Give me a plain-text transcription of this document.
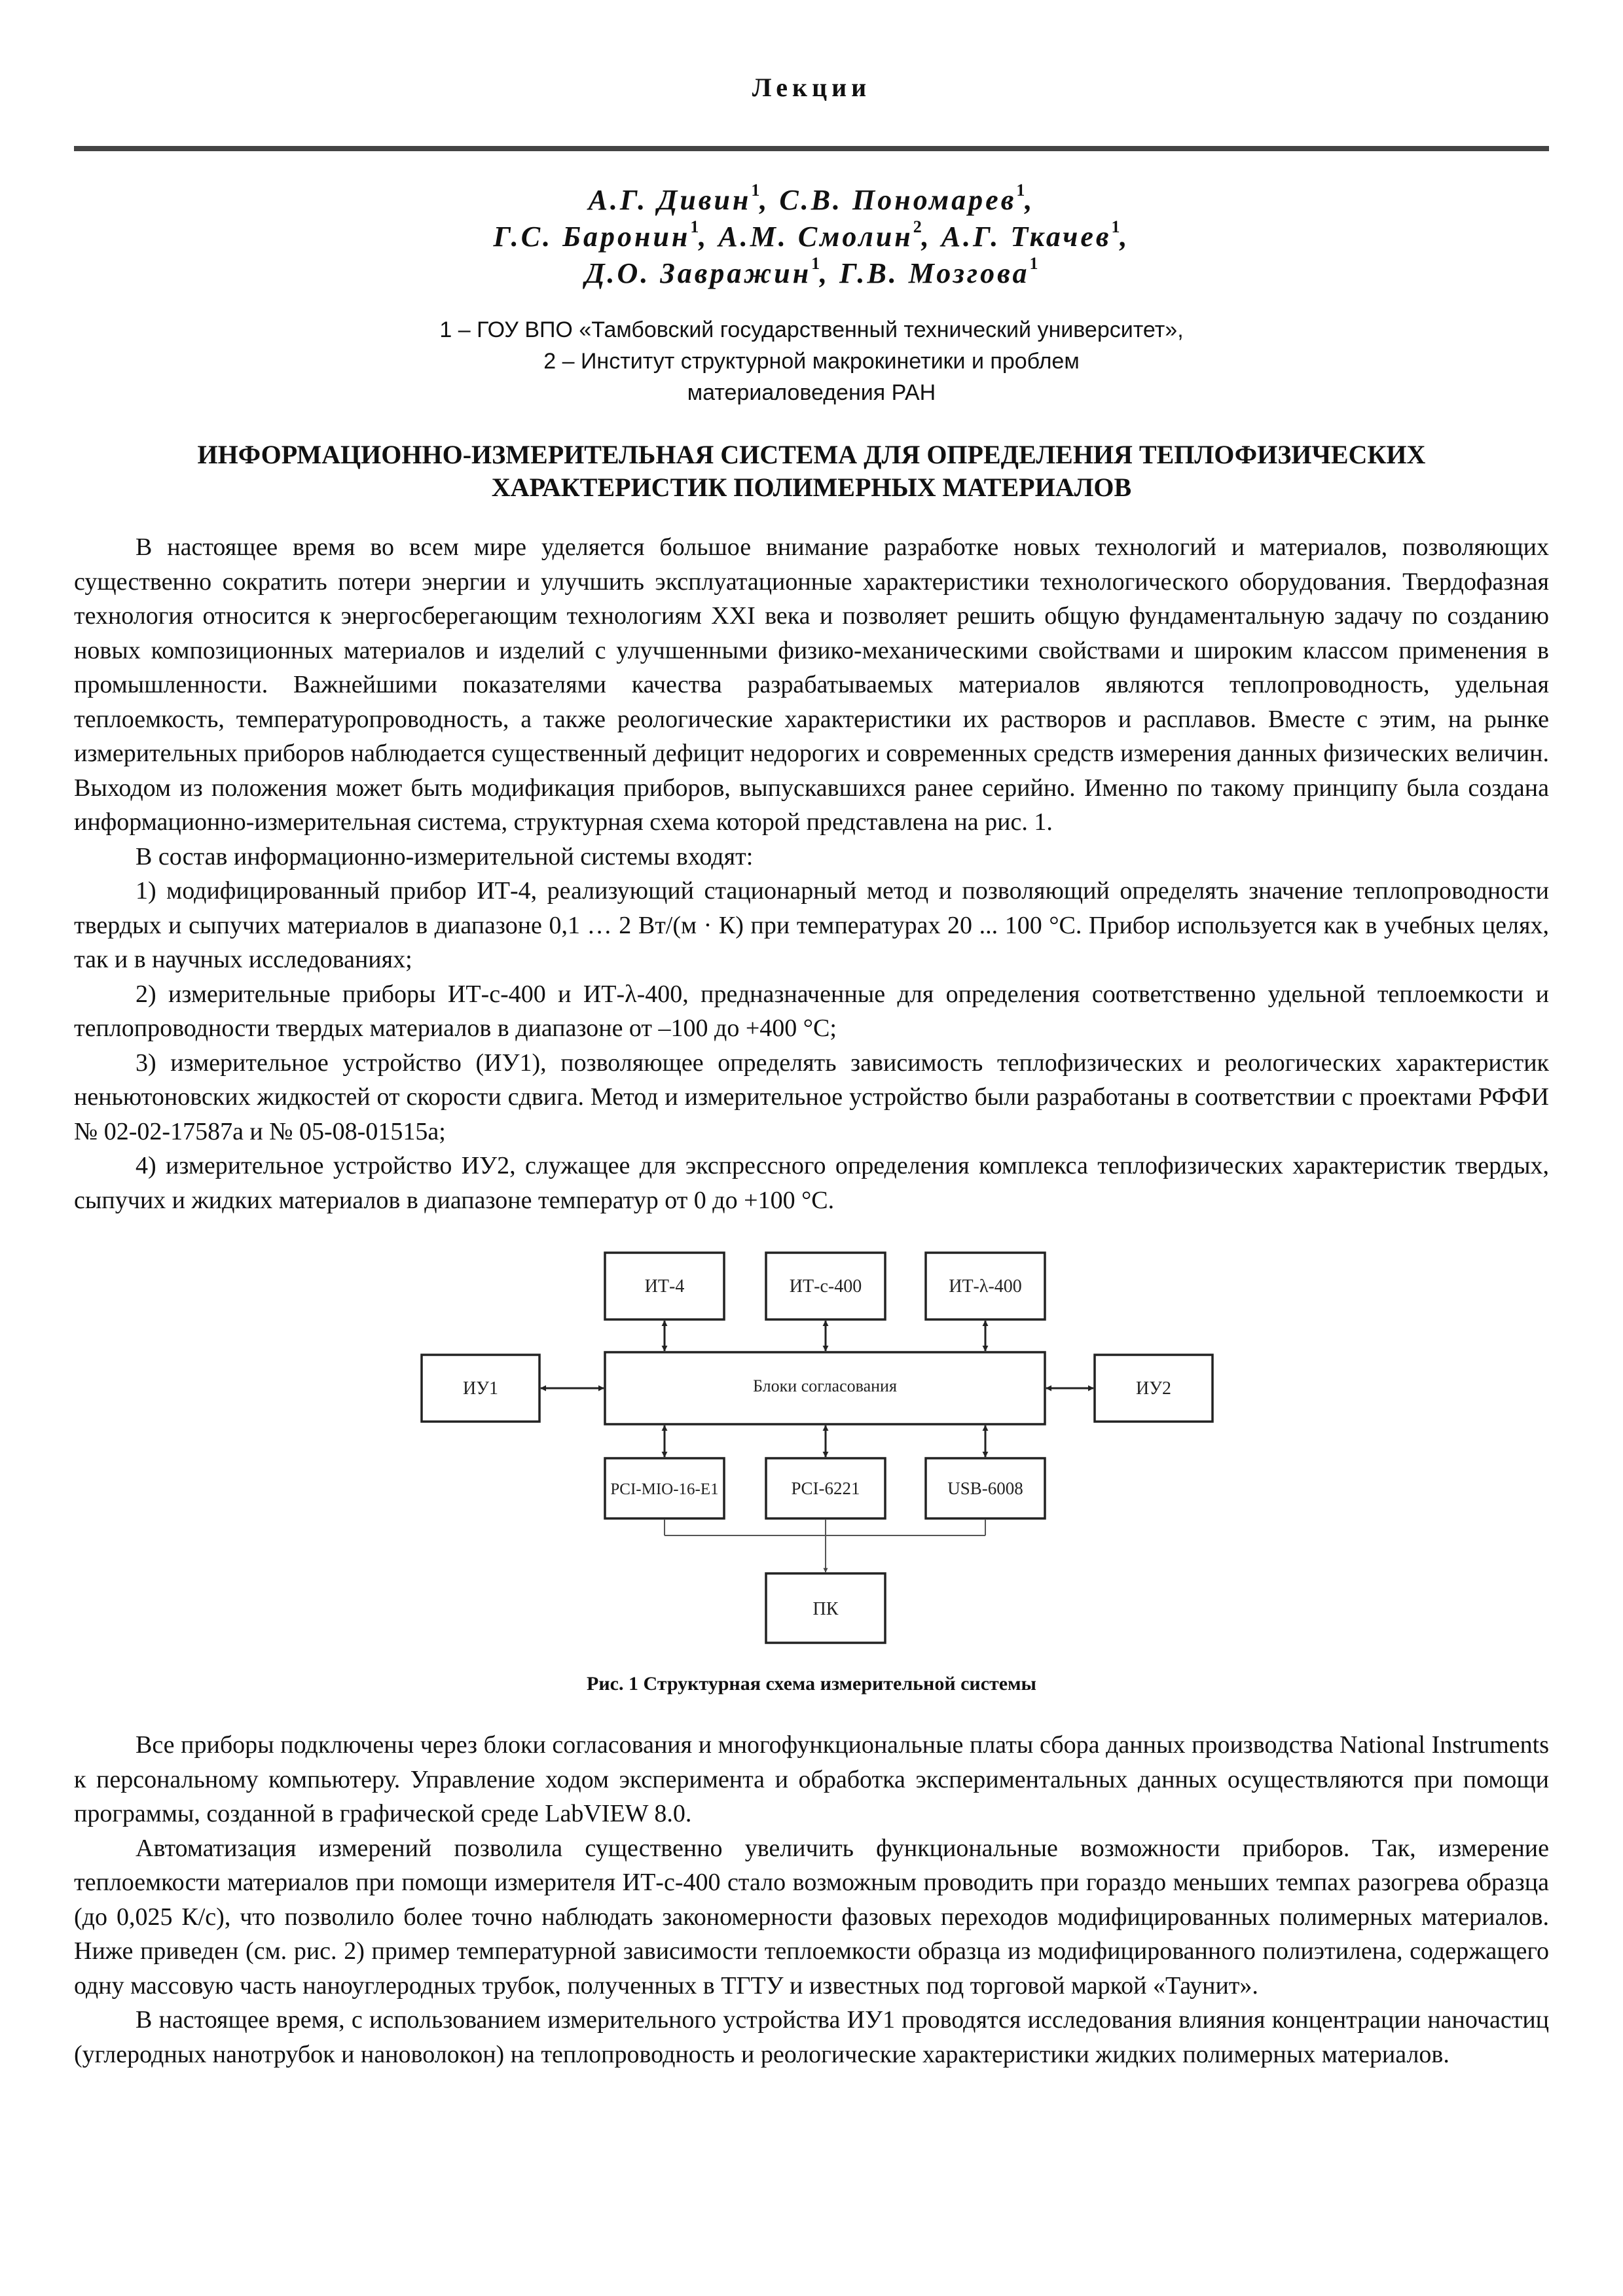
Лекции
А.Г. Дивин$^1$, С.В. Пономарев$^1$,
Г.С. Баронин$^1$, А.М. Смолин$^2$, А.Г. Ткачев$^1$,
Д.О. Завражин$^1$, Г.В. Мозгова$^1$
1 – ГОУ ВПО «Тамбовский государственный технический университет»,
2 – Институт структурной макрокинетики и проблем
материаловедения РАН
ИНФОРМАЦИОННО-ИЗМЕРИТЕЛЬНАЯ СИСТЕМА ДЛЯ ОПРЕДЕЛЕНИЯ ТЕПЛОФИЗИЧЕСКИХ
ХАРАКТЕРИСТИК ПОЛИМЕРНЫХ МАТЕРИАЛОВ

В настоящее время во всем мире уделяется большое внимание разработке новых технологий и материалов, позволяющих существенно сократить потери энергии и улучшить эксплуатационные характеристики технологического оборудования. Твердофазная технология относится к энергосберегающим технологиям XXI века и позволяет решить общую фундаментальную задачу по созданию новых композиционных материалов и изделий с улучшенными физико-механическими свойствами и широким классом применения в промышленности. Важнейшими показателями качества разрабатываемых материалов являются теплопроводность, удельная теплоемкость, температуропроводность, а также реологические характеристики их растворов и расплавов. Вместе с этим, на рынке измерительных приборов наблюдается существенный дефицит недорогих и современных средств измерения данных физических величин. Выходом из положения может быть модификация приборов, выпускавшихся ранее серийно. Именно по такому принципу была создана информационно-измерительная система, структурная схема которой представлена на рис. 1.

В состав информационно-измерительной системы входят:

1) модифицированный прибор ИТ-4, реализующий стационарный метод и позволяющий определять значение теплопроводности твердых и сыпучих материалов в диапазоне 0,1 … 2 Вт/(м · К) при температурах 20 ... 100 °С. Прибор используется как в учебных целях, так и в научных исследованиях;

2) измерительные приборы ИТ-с-400 и ИТ-λ-400, предназначенные для определения соответственно удельной теплоемкости и теплопроводности твердых материалов в диапазоне от –100 до +400 °С;

3) измерительное устройство (ИУ1), позволяющее определять зависимость теплофизических и реологических характеристик неньютоновских жидкостей от скорости сдвига. Метод и измерительное устройство были разработаны в соответствии с проектами РФФИ № 02-02-17587а и № 05-08-01515а;

4) измерительное устройство ИУ2, служащее для экспрессного определения комплекса теплофизических характеристик твердых, сыпучих и жидких материалов в диапазоне температур от 0 до +100 °С.

ИТ-4	ИТ-с-400	ИТ-λ-400
ИУ1	Блоки согласования	ИУ2
PCI-MIO-16-E1	PCI-6221	USB-6008
ПК
Рис. 1 Структурная схема измерительной системы

Все приборы подключены через блоки согласования и многофункциональные платы сбора данных производства National Instruments к персональному компьютеру. Управление ходом эксперимента и обработка экспериментальных данных осуществляются при помощи программы, созданной в графической среде LabVIEW 8.0.

Автоматизация измерений позволила существенно увеличить функциональные возможности приборов. Так, измерение теплоемкости материалов при помощи измерителя ИТ-с-400 стало возможным проводить при гораздо меньших темпах разогрева образца (до 0,025 К/с), что позволило более точно наблюдать закономерности фазовых переходов модифицированных полимерных материалов. Ниже приведен (см. рис. 2) пример температурной зависимости теплоемкости образца из модифицированного полиэтилена, содержащего одну массовую часть наноуглеродных трубок, полученных в ТГТУ и известных под торговой маркой «Таунит».

В настоящее время, с использованием измерительного устройства ИУ1 проводятся исследования влияния концентрации наночастиц (углеродных нанотрубок и нановолокон) на теплопроводность и реологические характеристики жидких полимерных материалов.
